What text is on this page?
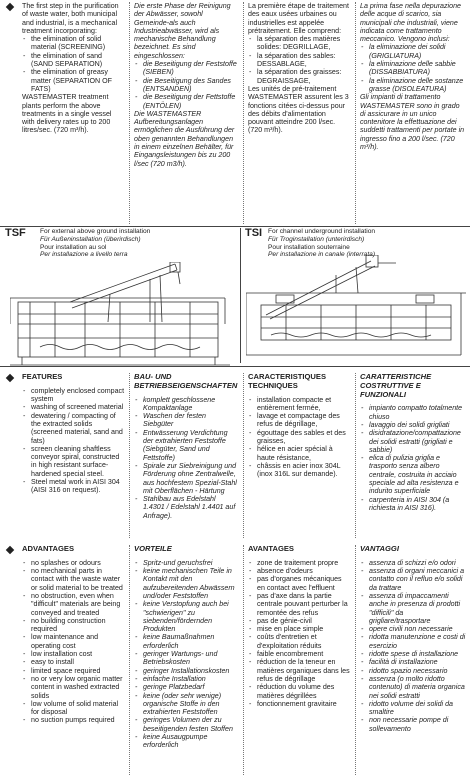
The first step in the purification of waste water, both municipal and industrial, is a mechanical treatment incorporating:

- the elimination of solid material (SCREENING)
- the elimination of sand (SAND SEPARATION)
- the elimination of greasy matter (SEPARATION OF FATS)

WASTEMASTER treatment plants perform the above treatments in a single vessel with delivery rates up to 200 litres/sec. (720 m³/h).

Die erste Phase der Reinigung der Abwässer, sowohl Gemeinde-als auch Industrieabwässer, wird als mechanische Behandlung bezeichnet. Es sind eingeschlossen:

- die Beseitigung der Feststoffe (SIEBEN)
- die Beseitigung des Sandes (ENTSANDEN)
- die Beseitigung der Fettstoffe (ENTÖLEN)

Die WASTEMASTER Aufbereitungsanlagen ermöglichen die Ausführung der oben genannten Behandlungen in einem einzelnen Behälter, für Eingangsleistungen bis zu 200 l/sec (720 m3/h).

La première étape de traitement des eaux usées urbaines ou industrielles est appelée prétraitement. Elle comprend:

- la séparation des matières solides: DEGRILLAGE,
- la séparation des sables: DESSABLAGE,
- la séparation des graisses: DEGRAISSAGE,

Les unités de pré-traitement WASTEMASTER assurent les 3 fonctions citées ci-dessus pour des débits d'alimentation pouvant atteindre 200 l/sec. (720 m³/h).

La prima fase nella depurazione delle acque di scarico, sia municipali che industriali, viene indicata come trattamento meccanico. Vengono inclusi:

- la eliminazione dei solidi (GRIGLIATURA)
- la eliminazione delle sabbie (DISSABBIATURA)
- la eliminazione delle sostanze grasse (DISOLEATURA)

Gli impianti di trattamento WASTEMASTER sono in grado di assicurare in un unico contenitore la effettuazione dei suddetti trattamenti per portate in ingresso fino a 200 l/sec. (720 m³/h).

TSF For external above ground installation
Für Außeninstallation (überirdisch)
Pour installation au sol
Per installazione a livello terra
TSI For channel underground installation
Für Troginstallation (unterirdisch)
Pour installation souterraine
Per installazione in canale (interrata)
FEATURES
- completely enclosed compact system
- washing of screened material
- dewatering / compacting of the extracted solids (screened material, sand and fats)
- screen cleaning shaftless conveyor spiral, constructed in high resistant surface-hardened special steel.
- Steel metal work in AISI 304 (AISI 316 on request).
BAU- UND BETRIEBSEIGENSCHAFTEN
- komplett geschlossene Kompaktanlage
- Waschen der festen Siebgüter
- Entwässerung Verdichtung der extrahierten Feststoffe (Siebgüter, Sand und Fettstoffe)
- Spirale zur Siebreinigung und Förderung ohne Zentralwelle, aus hochfestem Spezial-Stahl mit Oberflächen - Härtung
- Stahlbau aus Edelstahl 1.4301 / Edelstahl 1.4401 auf Anfrage).
CARACTERISTIQUES TECHNIQUES
- installation compacte et entièrement fermée,
- lavage et compactage des refus de dégrillage,
- égouttage des sables et des graisses,
- hélice en acier spécial à haute résistance,
- châssis en acier inox 304L (inox 316L sur demande).
CARATTERISTICHE COSTRUTTIVE E FUNZIONALI
- impianto compatto totalmente chiuso
- lavaggio dei solidi grigliati
- disidratazione/compattazione dei solidi estratti (grigliati e sabbie)
- elica di pulizia griglia e trasporto senza albero centrale, costruita in acciaio speciale ad alta resistenza e indurito superficiale
- carpenteria in AISI 304 (a richiesta in AISI 316).
ADVANTAGES
- no splashes or odours
- no mechanical parts in contact with the waste water or solid material to be treated
- no obstruction, even when "difficult" materials are being conveyed and treated
- no building construction required
- low maintenance and operating cost
- low installation cost
- easy to install
- limited space required
- no or very low organic matter content in washed extracted solids
- low volume of solid material for disposal
- no suction pumps required
VORTEILE
- Spritz-und geruchsfrei
- keine mechanischen Teile in Kontakt mit den aufzubereitenden Abwässern und/oder Feststoffen
- keine Verstopfung auch bei "schwierigen" zu siebenden/fördernden Produkten
- keine Baumaßnahmen erforderlich
- geringer Wartungs- und Betriebskosten
- geringer Installationskosten
- einfache Installation
- geringe Platzbedarf
- keine (oder sehr wenige) organische Stoffe in den extrahierten Feststoffen
- geringes Volumen der zu beseitigenden festen Stoffen
- keine Ausaugpumpe erforderlich
AVANTAGES
- zone de traitement propre
- absence d'odeurs
- pas d'organes mécaniques en contact avec l'effluent
- pas d'axe dans la partie centrale pouvant perturber la remontée des refus
- pas de génie-civil
- mise en place simple
- coûts d'entretien et d'exploitation réduits
- faible encombrement
- réduction de la teneur en matières organiques dans les refus de dégrillage
- réduction du volume des matières dégrillées
- fonctionnement gravitaire
VANTAGGI
- assenza di schizzi e/o odori
- assenza di organi meccanici a contatto con il refluo e/o solidi da trattare
- assenza di impaccamenti anche in presenza di prodotti "difficili" da grigliare/trasportare
- opere civili non necessarie
- ridotta manutenzione e costi di esercizio
- ridotte spese di installazione
- facilità di installazione
- ridotto spazio necessario
- assenza (o molto ridotto contenuto) di materia organica nei solidi estratti
- ridotto volume dei solidi da smaltire
- non necessarie pompe di sollevamento
